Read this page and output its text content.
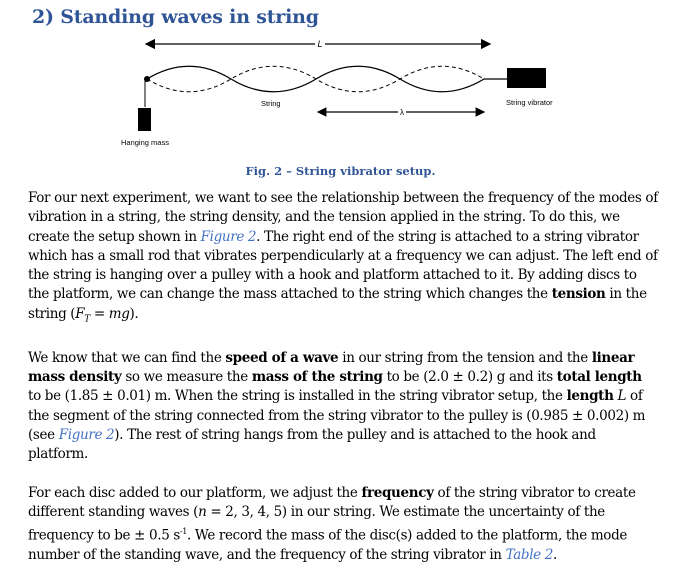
2) Standing waves in string
L
Hanging mass
String vibrator
String
λ
Fig. 2 – String vibrator setup.

For our next experiment, we want to see the relationship between the frequency of the modes of vibration in a string, the string density, and the tension applied in the string. To do this, we create the setup shown in Figure 2. The right end of the string is attached to a string vibrator which has a small rod that vibrates perpendicularly at a frequency we can adjust. The left end of the string is hanging over a pulley with a hook and platform attached to it. By adding discs to the platform, we can change the mass attached to the string which changes the tension in the string $(F_T = mg)$.

We know that we can find the speed of a wave in our string from the tension and the linear mass density so we measure the mass of the string to be (2.0 ± 0.2) g and its total length to be (1.85 ± 0.01) m. When the string is installed in the string vibrator setup, the length L of the segment of the string connected from the string vibrator to the pulley is (0.985 ± 0.002) m (see Figure 2). The rest of string hangs from the pulley and is attached to the hook and platform.

For each disc added to our platform, we adjust the frequency of the string vibrator to create different standing waves (n = 2, 3, 4, 5) in our string. We estimate the uncertainty of the frequency to be ± 0.5 $s^{-1}$. We record the mass of the disc(s) added to the platform, the mode number of the standing wave, and the frequency of the string vibrator in Table 2.
